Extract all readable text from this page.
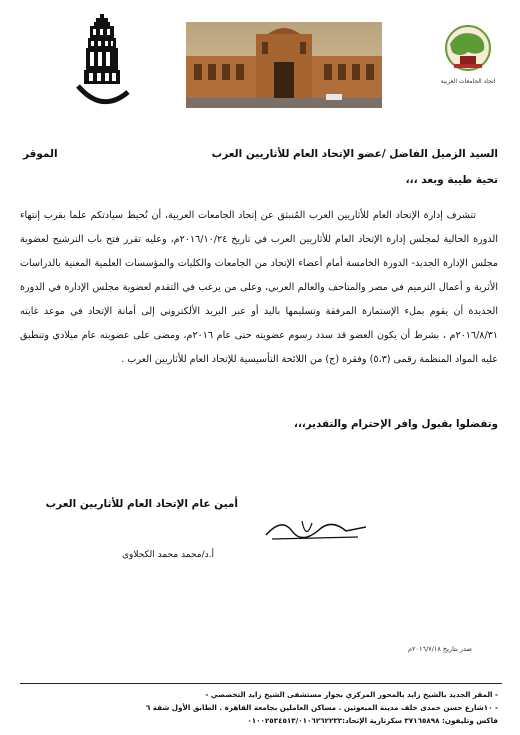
اتحاد الجامعات العربية
السيد الزميل الفاضل /عضو الإتحاد العام للأثاريين العرب
الموقر
تحية طيبة وبعد ،،،

تتشرف إدارة الإتحاد العام للأثاريين العرب المُنبثق عن إتحاد الجامعات العربية، أن تُحيط سيادتكم علما بقرب إنتهاء الدورة الحالية لمجلس إدارة الإتحاد العام للأثاريين العرب في تاريخ ٢٠١٦/١٠/٢٤م، وعليه تقرر فتح باب الترشيح لعضوية مجلس الإدارة الجديد- الدورة الخامسة أمام أعضاء الإتحاد من الجامعات والكليات والمؤسسات العلمية المعنية بالدراسات الأثرية و أعمال الترميم في مصر والمتاحف والعالم العربي، وعلى من يرغب في التقدم لعضوية مجلس الإدارة في الدورة الجديدة أن يقوم بملء الإستمارة المرفقة وتسليمها باليد أو عبر البريد الألكتروني إلى أمانة الإتحاد في موعد غايته ٢٠١٦/٨/٣١م ، بشرط أن يكون العضو قد سدد رسوم عضويته حتى عام ٢٠١٦م، ومضى على عضويته عام ميلادي وتنطبق عليه المواد المنظمة رقمى (٥،٣) وفقرة (ج) من اللائحة التأسيسية للإتحاد العام للأثاريين العرب .

وتفضلوا بقبول وافر الإحترام والتقدير،،،
أمين عام الإتحاد العام للأثاريين العرب
أ.د/محمد محمد الكحلاوى
صدر بتاريخ ٢٠١٦/٧/١٨م
- المقر الجديد بالشيخ زايد بالمحور المركزي بجوار مستشفى الشيخ زايد التخصصي -
- ١٠شارع حسن حمدى خلف مدينة المبعوثين . مساكن العاملين بجامعة القاهرة . الطابق الأول شقة ٦
فاكس وتليفون: ٣٧١٦٥٨٩٨ سكرتارية الإتحاد:٠١٠٠٢٥٣٤٥١٣/٠١٠٦٢٦٢٢٣٣
